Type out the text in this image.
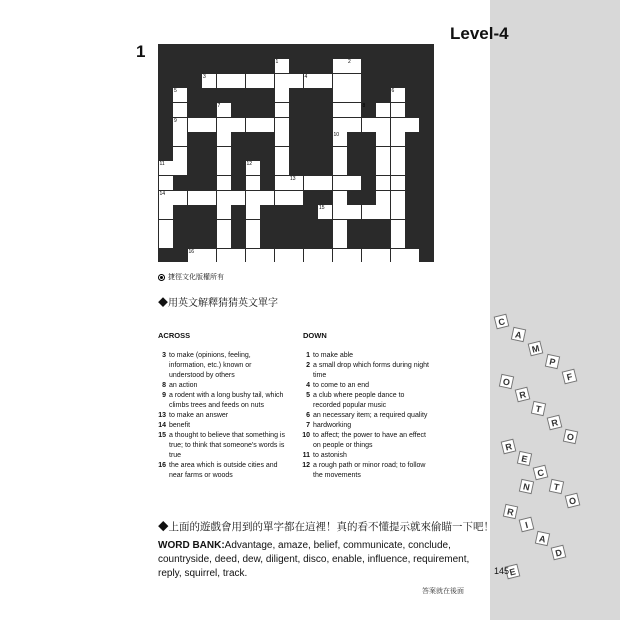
C
A
M
P
F
O
R
T
R
O
R
E
C
T
O
R
I
A
D
N
E
Level-4
1
1	2
3	4
5	6
7	8
9
10
11	12
13
14
15
16
捷徑文化版權所有
◆用英文解釋猜猜英文單字
ACROSS	DOWN
3 to make (opinions, feeling, information, etc.) known or understood by others
8 an action
9 a rodent with a long bushy tail, which climbs trees and feeds on nuts
13 to make an answer
14 benefit
15 a thought to believe that something is true; to think that someone's words is true
16 the area which is outside cities and near farms or woods
1 to make able
2 a small drop which forms during night time
4 to come to an end
5 a club where people dance to recorded popular music
6 an necessary item; a required quality
7 hardworking
10 to affect; the power to have an effect on people or things
11 to astonish
12 a rough path or minor road; to follow the movements
◆上面的遊戲會用到的單字都在這裡！真的看不懂提示就來偷瞄一下吧！
WORD BANK:Advantage, amaze, belief, communicate, conclude, countryside, deed, dew, diligent, disco, enable, influence, requirement, reply, squirrel, track.	145
答案就在後面
